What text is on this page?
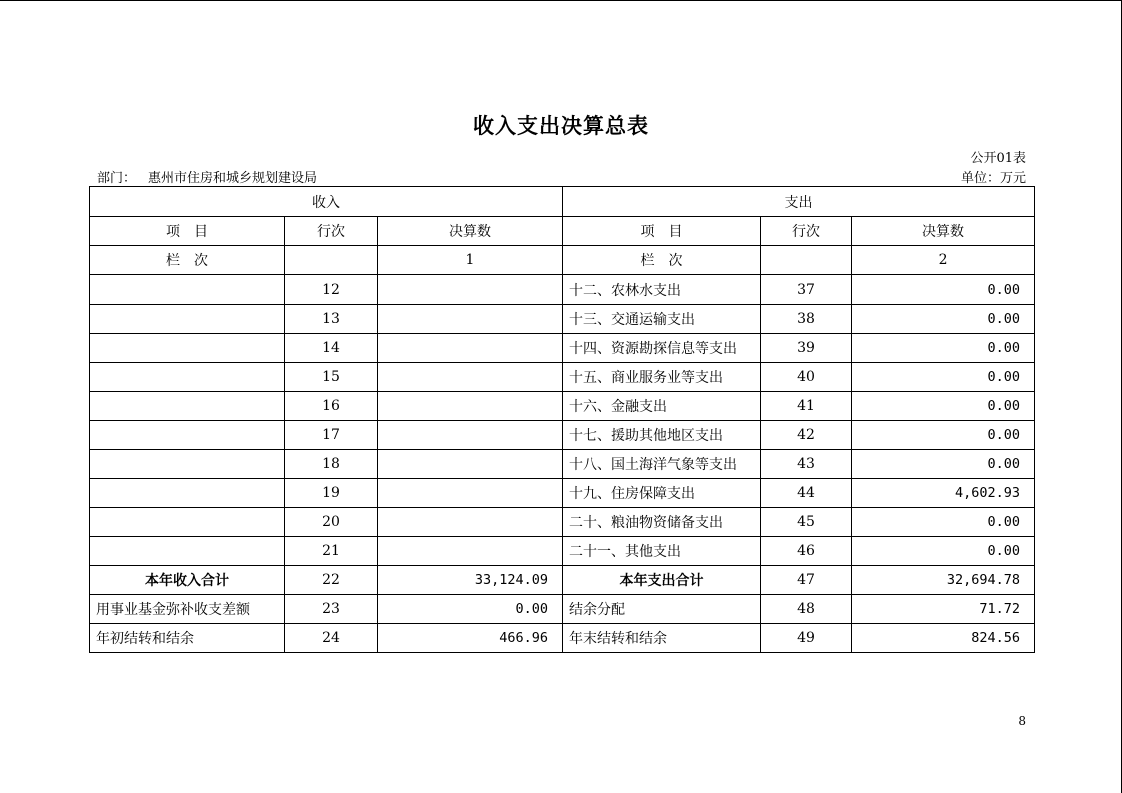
收入支出决算总表
公开01表
部门： 惠州市住房和城乡规划建设局	单位：万元
收入			支出		
项　目	行次	决算数	项　目	行次	决算数
栏　次		1	栏　次		2
	12		十二、农林水支出	37	0.00
	13		十三、交通运输支出	38	0.00
	14		十四、资源勘探信息等支出	39	0.00
	15		十五、商业服务业等支出	40	0.00
	16		十六、金融支出	41	0.00
	17		十七、援助其他地区支出	42	0.00
	18		十八、国土海洋气象等支出	43	0.00
	19		十九、住房保障支出	44	4,602.93
	20		二十、粮油物资储备支出	45	0.00
	21		二十一、其他支出	46	0.00
本年收入合计	22	33,124.09	本年支出合计	47	32,694.78
用事业基金弥补收支差额	23	0.00	结余分配	48	71.72
年初结转和结余	24	466.96	年末结转和结余	49	824.56
8
